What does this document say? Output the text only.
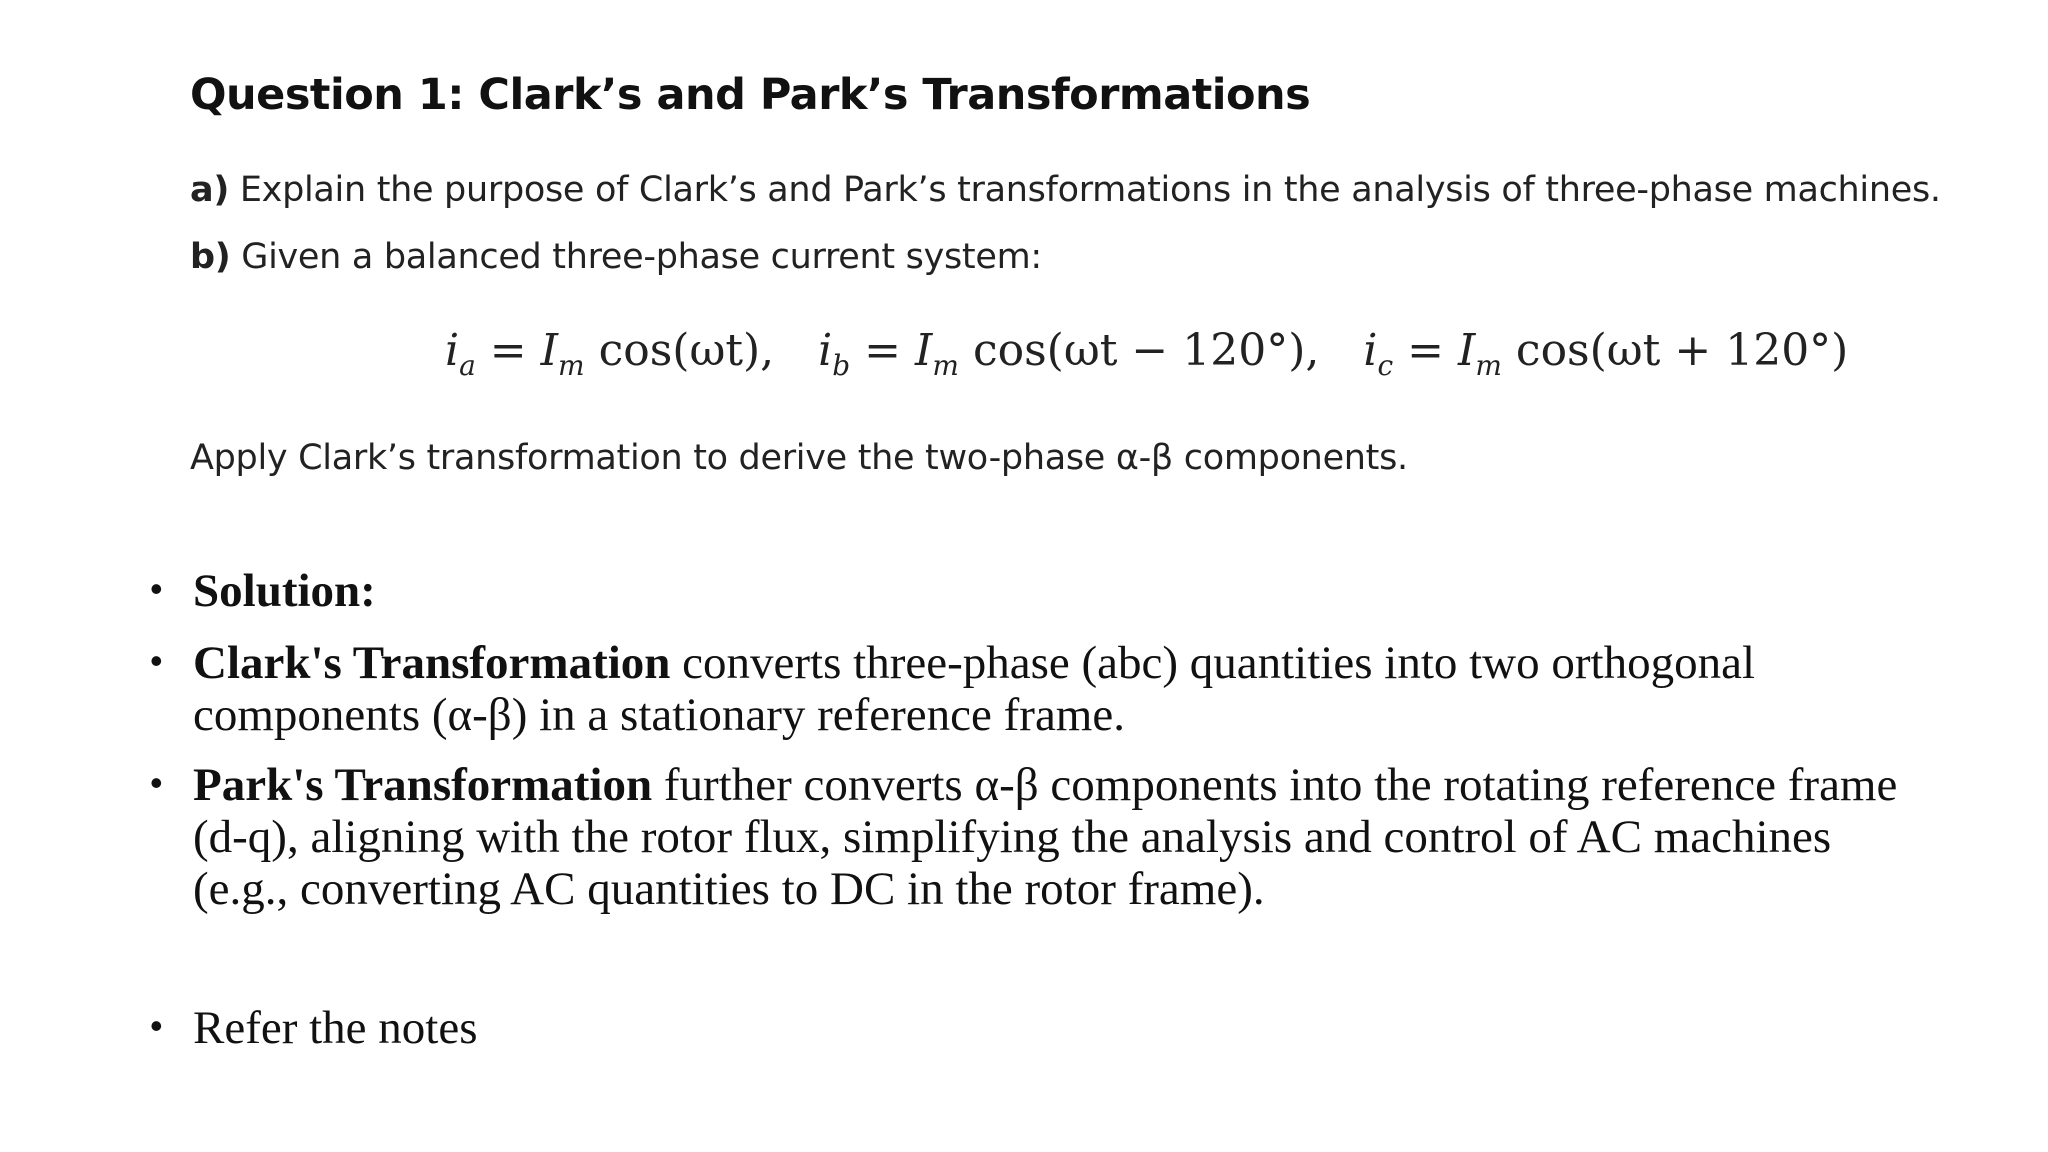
Question 1: Clark’s and Park’s Transformations

a) Explain the purpose of Clark’s and Park’s transformations in the analysis of three-phase machines.

b) Given a balanced three-phase current system:

$i_a = I_m$ cos(ωt), $i_b = I_m$ cos(ωt − 120°), $i_c = I_m$ cos(ωt + 120°)

Apply Clark’s transformation to derive the two-phase α-β components.

• Solution:
• Clark's Transformation converts three-phase (abc) quantities into two orthogonal components (α-β) in a stationary reference frame.
• Park's Transformation further converts α-β components into the rotating reference frame (d-q), aligning with the rotor flux, simplifying the analysis and control of AC machines (e.g., converting AC quantities to DC in the rotor frame).
• Refer the notes
